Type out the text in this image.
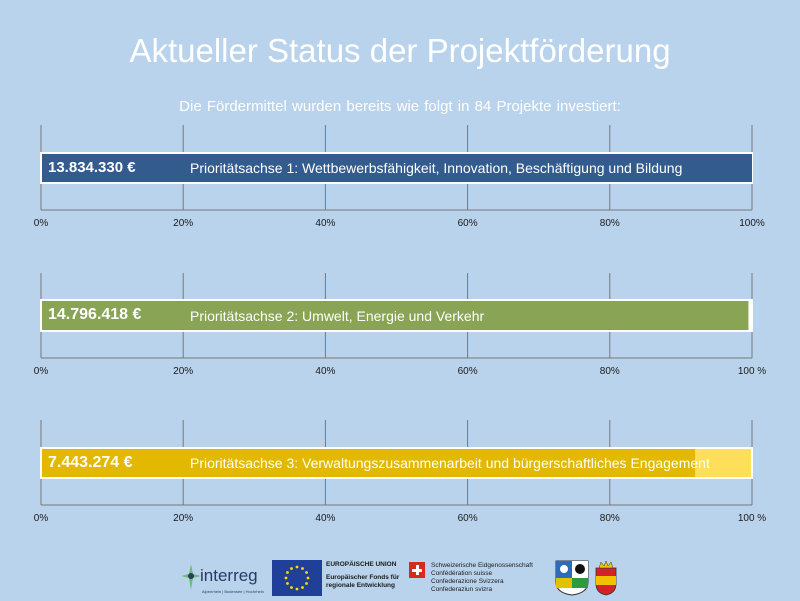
Aktueller Status der Projektförderung
Die Fördermittel wurden bereits wie folgt in 84 Projekte investiert:
0%	20%	40%	60%	80%	100%
13.834.330 €	Prioritätsachse 1: Wettbewerbsfähigkeit, Innovation, Beschäftigung und Bildung
0%	20%	40%	60%	80%	100 %
14.796.418 €	Prioritätsachse 2: Umwelt, Energie und Verkehr
0%	20%	40%	60%	80%	100 %
7.443.274 €	Prioritätsachse 3: Verwaltungszusammenarbeit und bürgerschaftliches Engagement
interreg
Alpenrhein | Bodensee | Hochrhein
EUROPÄISCHE UNION
Europäischer Fonds für
regionale Entwicklung
Schweizerische Eidgenossenschaft
Confédération suisse
Confederazione Svizzera
Confederaziun svizra
